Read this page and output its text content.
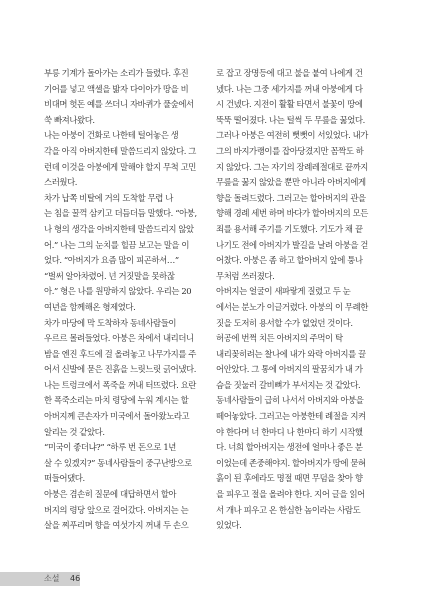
부릉 기계가 돌아가는 소리가 들렸다. 후진
기어를 넣고 액셀을 밟자 다이아가 땅을 비
비대며 헛돈 예를 쓰더니 자바퀴가 풀숲에서
쑥 빠져나왔다.
나는 아붕이 건화로 나한테 털어놓은 생
각을 아직 아버지한테 말씀드리지 않았다. 그
런데 이것을 아붕에게 말해야 할지 무척 고민
스러웠다.
차가 납쪽 비탈에 거의 도착할 무렵 나
는 침을 꿀꺽 삼키고 더듬더듬 말했다. “아붕,
나 형의 생각을 아버지한테 말씀드리지 않았
어.” 나는 그의 눈치를 힐끔 보고는 말을 이
었다. “아버지가 요즘 많이 피곤하셔…”
“벌써 알아차렸어. 넌 거짓말을 못하잖
아.” 형은 나를 원망하지 않았다. 우리는 20
여년을 함께해온 형제였다.
차가 마당에 막 도착하자 동네사람들이
우르르 몰려들었다. 아붕은 차에서 내리더니
밤을 엔진 후드에 걸 올려놓고 나무가지를 주
어서 신발에 묻은 진흙을 느릿느릿 긁어냈다.
나는 트렁크에서 폭죽을 꺼내 터뜨렸다. 요란
한 폭죽소리는 마치 령당에 누워 계시는 할
아버지께 큰손자가 미국에서 돌아왔노라고
알리는 것 같았다.
“미국이 좋더냐?” “하루 번 돈으로 1년
살 수 있겠지?” 동네사람들이 중구난방으로
떠들어댔다.
아붕은 겸손히 질문에 대답하면서 할아
버지의 령당 앞으로 걸어갔다. 아버지는 는
살을 찌푸리며 향을 여섯가지 꺼내 두 손으
로 잡고 장명등에 대고 불을 붙여 나에게 건
넸다. 나는 그중 세가지를 꺼내 아붕에게 다
시 건넸다. 지전이 활활 타면서 불꽃이 땅에
뚝뚝 떨어졌다. 나는 털썩 두 무릎을 꿇었다.
그러나 아붕은 여전히 뻣뻣이 서있었다. 내가
그의 바지가랭이를 잡아당겼지만 꼼짝도 하
지 않았다. 그는 자기의 장례레절대로 끝까지
무릎을 꿇지 않았을 뿐만 아니라 아버지에게
향을 돌려드렸다. 그러고는 할아버지의 관을
향해 경례 세번 하며 바다가 할아버지의 모든
죄를 용서해 주기를 기도했다. 기도가 채 끝
나기도 전에 아버지가 발길을 날려 아붕을 걷
어찼다. 아붕은 좀 하고 할아버지 앞에 퉁나
무처럼 쓰러졌다.
아버지는 얼굴이 새파랗게 질렸고 두 눈
에서는 분노가 이글거렸다. 아붕의 이 무례한
짓을 도저히 용서할 수가 없었던 것이다.
허공에 번쩍 치든 아버지의 주먹이 탁
내리꽂히려는 찰나에 내가 와락 아버지를 끌
어안았다. 그 통에 아버지의 팔꿈치가 내 가
슴을 짓눌러 갈비뼈가 부서지는 것 같았다.
동네사람들이 급히 나서서 아버지와 아붕을
떼어놓았다. 그러고는 아붕한테 례절을 지켜
야 한다며 너 한마디 나 한마디 하기 시작했
다. 너희 할아버지는 생전에 얼마나 좋은 분
이었는데 존중해야지. 할아버지가 땅에 묻혀
흙이 된 후에라도 명절 때면 무덤을 찾아 향
을 피우고 절을 올려야 한다. 지어 글을 읽어
서 개나 피우고 온 한심한 놈이라는 사람도
있었다.
소설 46
